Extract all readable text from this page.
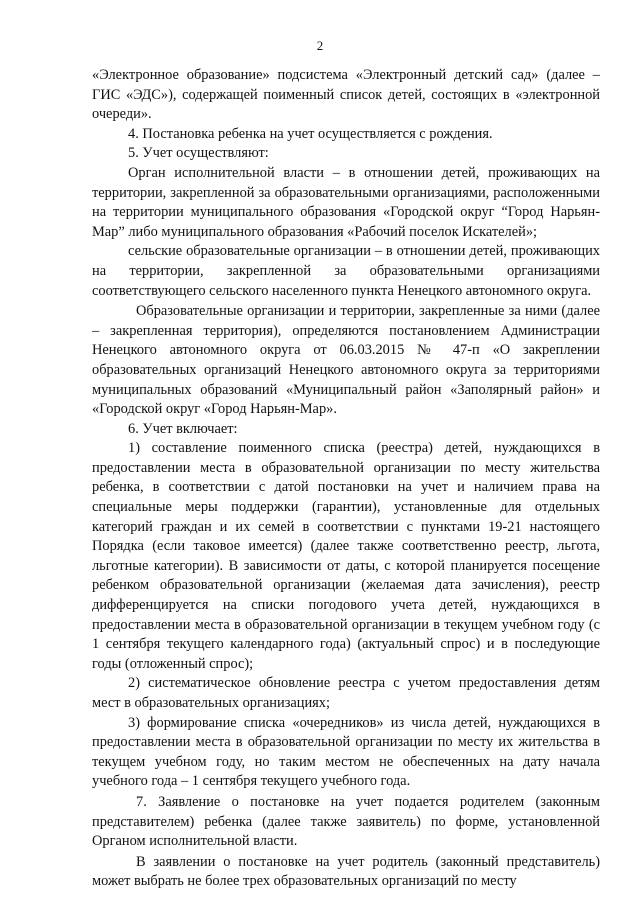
2

«Электронное образование» подсистема «Электронный детский сад» (далее – ГИС «ЭДС»), содержащей поименный список детей, состоящих в «электронной очереди».

4. Постановка ребенка на учет осуществляется с рождения.

5. Учет осуществляют:

Орган исполнительной власти – в отношении детей, проживающих на территории, закрепленной за образовательными организациями, расположенными на территории муниципального образования «Городской округ “Город Нарьян-Мар” либо муниципального образования «Рабочий поселок Искателей»;

сельские образовательные организации – в отношении детей, проживающих на территории, закрепленной за образовательными организациями соответствующего сельского населенного пункта Ненецкого автономного округа.

Образовательные организации и территории, закрепленные за ними (далее – закрепленная территория), определяются постановлением Администрации Ненецкого автономного округа от 06.03.2015 № 47-п «О закреплении образовательных организаций Ненецкого автономного округа за территориями муниципальных образований «Муниципальный район «Заполярный район» и «Городской округ «Город Нарьян-Мар».

6. Учет включает:

1) составление поименного списка (реестра) детей, нуждающихся в предоставлении места в образовательной организации по месту жительства ребенка, в соответствии с датой постановки на учет и наличием права на специальные меры поддержки (гарантии), установленные для отдельных категорий граждан и их семей в соответствии с пунктами 19-21 настоящего Порядка (если таковое имеется) (далее также соответственно реестр, льгота, льготные категории). В зависимости от даты, с которой планируется посещение ребенком образовательной организации (желаемая дата зачисления), реестр дифференцируется на списки погодового учета детей, нуждающихся в предоставлении места в образовательной организации в текущем учебном году (с 1 сентября текущего календарного года) (актуальный спрос) и в последующие годы (отложенный спрос);

2) систематическое обновление реестра с учетом предоставления детям мест в образовательных организациях;

3) формирование списка «очередников» из числа детей, нуждающихся в предоставлении места в образовательной организации по месту их жительства в текущем учебном году, но таким местом не обеспеченных на дату начала учебного года – 1 сентября текущего учебного года.

7. Заявление о постановке на учет подается родителем (законным представителем) ребенка (далее также заявитель) по форме, установленной Органом исполнительной власти.

В заявлении о постановке на учет родитель (законный представитель) может выбрать не более трех образовательных организаций по месту
